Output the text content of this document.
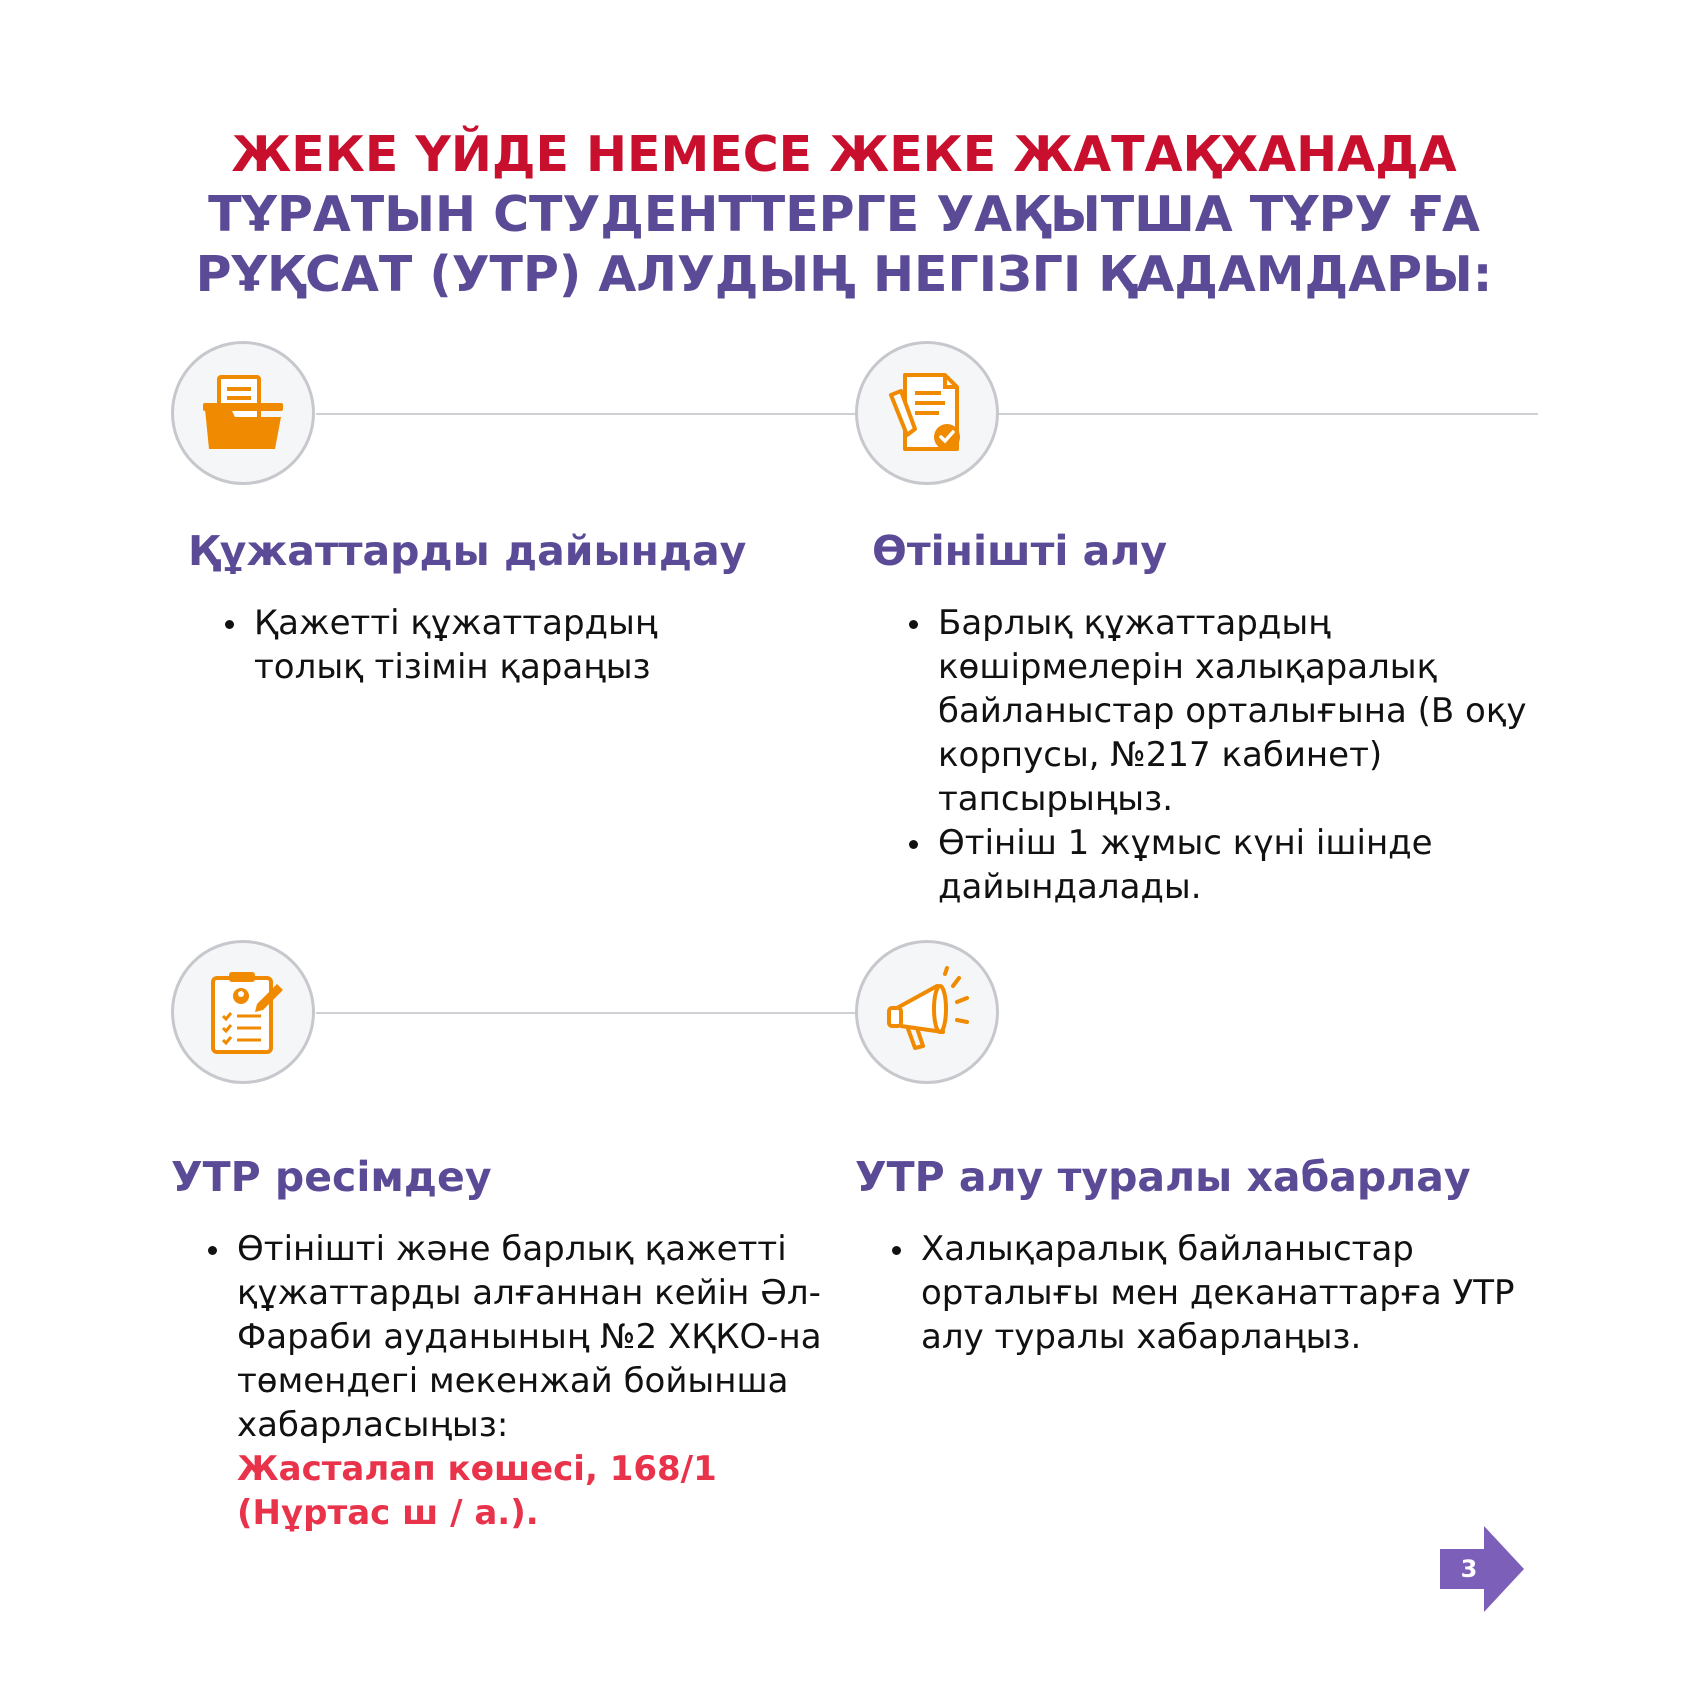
ЖЕКЕ ҮЙДЕ НЕМЕСЕ ЖЕКЕ ЖАТАҚХАНАДА ТҰРАТЫН СТУДЕНТТЕРГЕ УАҚЫТША ТҰРУ ҒА РҰҚСАТ (УТР) АЛУДЫҢ НЕГІЗГІ ҚАДАМДАРЫ:
Құжаттарды дайындау
• Қажетті құжаттардың толық тізімін қараңыз
Өтінішті алу
• Барлық құжаттардың көшірмелерін халықаралық байланыстар орталығына (В оқу корпусы, №217 кабинет) тапсырыңыз.
• Өтініш 1 жұмыс күні ішінде дайындалады.
УТР ресімдеу
• Өтінішті және барлық қажетті құжаттарды алғаннан кейін Әл-Фараби ауданының №2 ХҚКО-на төмендегі мекенжай бойынша хабарласыңыз:
Жасталап көшесі, 168/1 (Нұртас ш / а.).
УТР алу туралы хабарлау
• Халықаралық байланыстар орталығы мен деканаттарға УТР алу туралы хабарлаңыз.
3
